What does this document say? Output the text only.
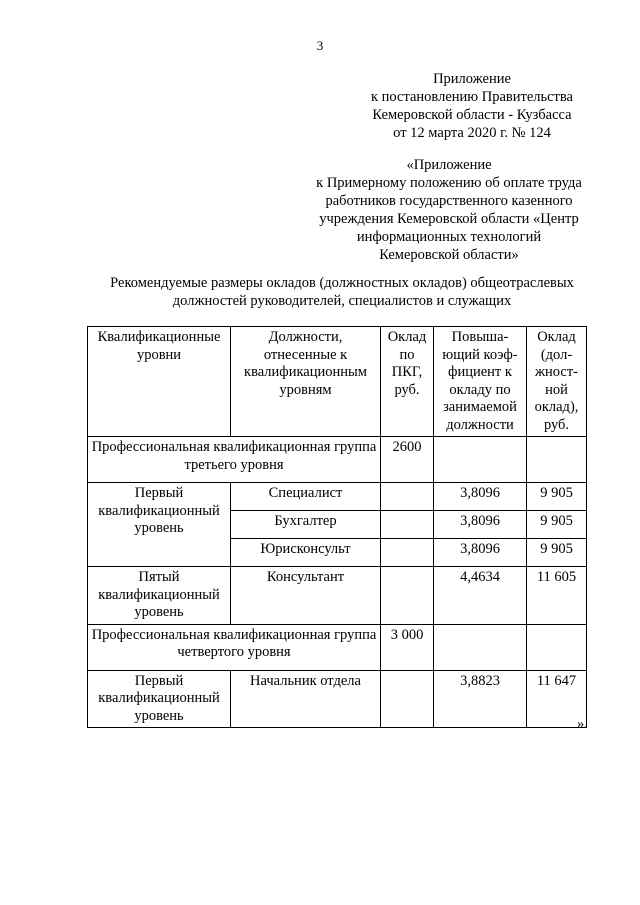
3
Приложение
к постановлению Правительства
Кемеровской области - Кузбасса
от 12 марта 2020 г. № 124
«Приложение
к Примерному положению об оплате труда
работников государственного казенного
учреждения Кемеровской области «Центр
информационных технологий
Кемеровской области»
Рекомендуемые размеры окладов (должностных окладов) общеотраслевых
должностей руководителей, специалистов и служащих
Квалификационные уровни	Должности, отнесенные к квалификационным уровням	Оклад по ПКГ, руб.	Повыша-ющий коэф-фициент к окладу по занимаемой должности	Оклад (дол-жност-ной оклад), руб.
Профессиональная квалификационная группа третьего уровня		2600		
Первый квалификационный уровень	Специалист		3,8096	9 905
	Бухгалтер		3,8096	9 905
	Юрисконсульт		3,8096	9 905
Пятый квалификационный уровень	Консультант		4,4634	11 605
Профессиональная квалификационная группа четвертого уровня		3 000		
Первый квалификационный уровень	Начальник отдела		3,8823	11 647
».
